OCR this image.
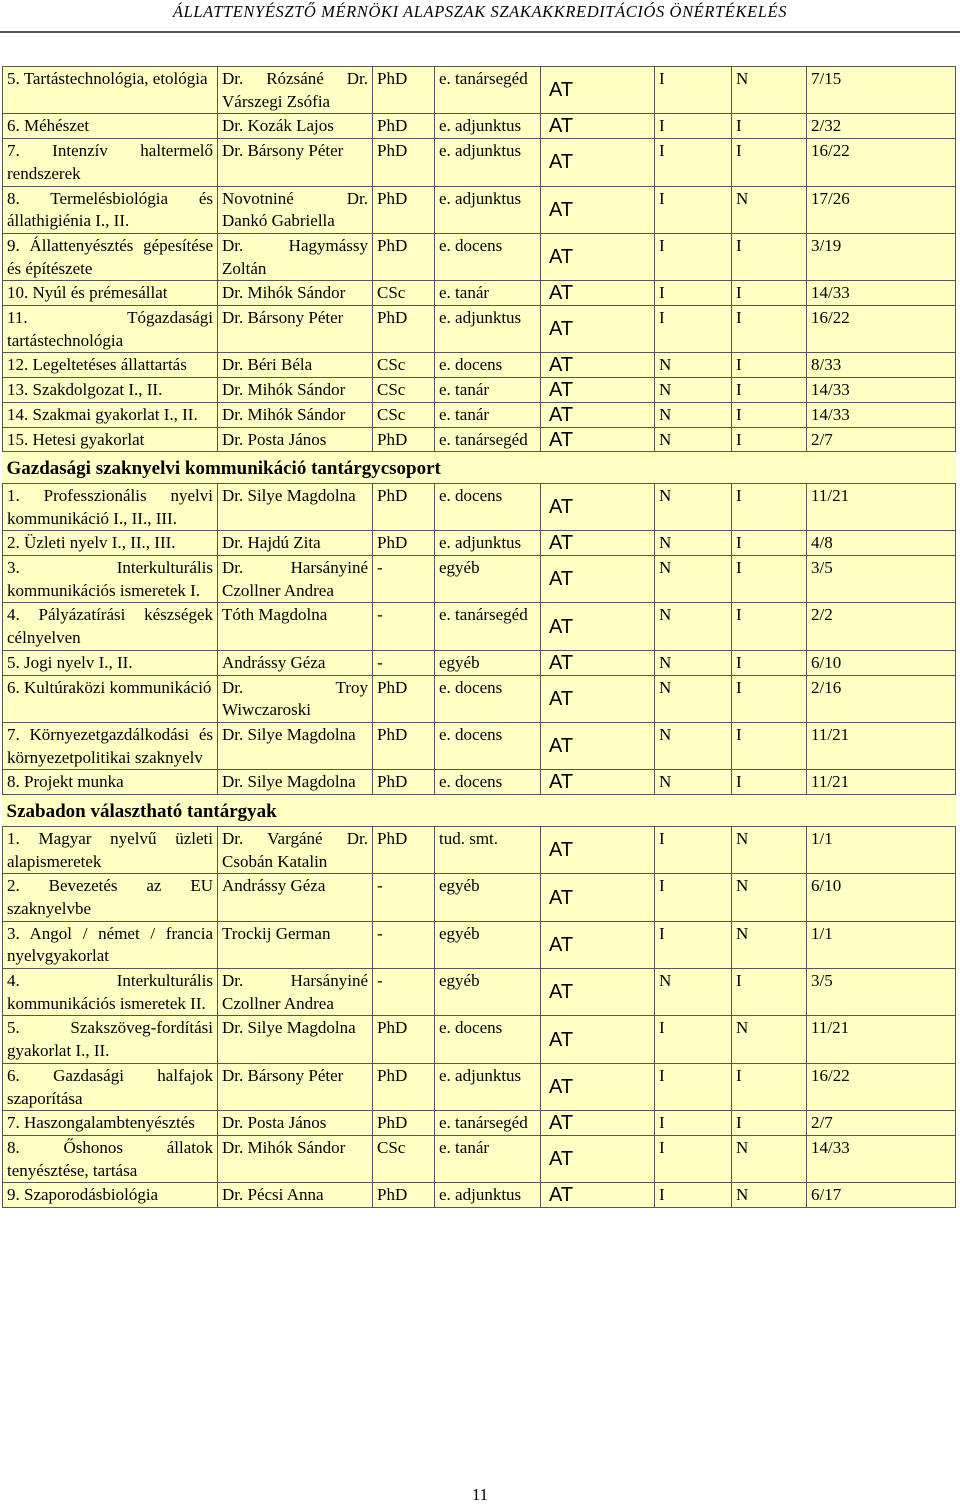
ÁLLATTENYÉSZTŐ MÉRNÖKI ALAPSZAK SZAKAKKREDITÁCIÓS ÖNÉRTÉKELÉS
5. Tartástechnológia, etológia	Dr. Rózsáné Dr. Várszegi Zsófia	PhD	e. tanársegéd	AT	I	N	7/15
6. Méhészet	Dr. Kozák Lajos	PhD	e. adjunktus	AT	I	I	2/32
7. Intenzív haltermelő rendszerek	Dr. Bársony Péter	PhD	e. adjunktus	AT	I	I	16/22
8. Termelésbiológia és állathigiénia I., II.	Novotniné Dr. Dankó Gabriella	PhD	e. adjunktus	AT	I	N	17/26
9. Állattenyésztés gépesítése és építészete	Dr. Hagymássy Zoltán	PhD	e. docens	AT	I	I	3/19
10. Nyúl és prémesállat	Dr. Mihók Sándor	CSc	e. tanár	AT	I	I	14/33
11. Tógazdasági tartástechnológia	Dr. Bársony Péter	PhD	e. adjunktus	AT	I	I	16/22
12. Legeltetéses állattartás	Dr. Béri Béla	CSc	e. docens	AT	N	I	8/33
13. Szakdolgozat I., II.	Dr. Mihók Sándor	CSc	e. tanár	AT	N	I	14/33
14. Szakmai gyakorlat I., II.	Dr. Mihók Sándor	CSc	e. tanár	AT	N	I	14/33
15. Hetesi gyakorlat	Dr. Posta János	PhD	e. tanársegéd	AT	N	I	2/7
Gazdasági szaknyelvi kommunikáció tantárgycsoport							
1. Professzionális nyelvi kommunikáció I., II., III.	Dr. Silye Magdolna	PhD	e. docens	AT	N	I	11/21
2. Üzleti nyelv I., II., III.	Dr. Hajdú Zita	PhD	e. adjunktus	AT	N	I	4/8
3. Interkulturális kommunikációs ismeretek I.	Dr. Harsányiné Czollner Andrea	-	egyéb	AT	N	I	3/5
4. Pályázatírási készségek célnyelven	Tóth Magdolna	-	e. tanársegéd	AT	N	I	2/2
5. Jogi nyelv I., II.	Andrássy Géza	-	egyéb	AT	N	I	6/10
6. Kultúraközi kommunikáció	Dr. Troy Wiwczaroski	PhD	e. docens	AT	N	I	2/16
7. Környezetgazdálkodási és környezetpolitikai szaknyelv	Dr. Silye Magdolna	PhD	e. docens	AT	N	I	11/21
8. Projekt munka	Dr. Silye Magdolna	PhD	e. docens	AT	N	I	11/21
Szabadon választható tantárgyak							
1. Magyar nyelvű üzleti alapismeretek	Dr. Vargáné Dr. Csobán Katalin	PhD	tud. smt.	AT	I	N	1/1
2. Bevezetés az EU szaknyelvbe	Andrássy Géza	-	egyéb	AT	I	N	6/10
3. Angol / német / francia nyelvgyakorlat	Trockij German	-	egyéb	AT	I	N	1/1
4. Interkulturális kommunikációs ismeretek II.	Dr. Harsányiné Czollner Andrea	-	egyéb	AT	N	I	3/5
5. Szakszöveg-fordítási gyakorlat I., II.	Dr. Silye Magdolna	PhD	e. docens	AT	I	N	11/21
6. Gazdasági halfajok szaporítása	Dr. Bársony Péter	PhD	e. adjunktus	AT	I	I	16/22
7. Haszongalambtenyésztés	Dr. Posta János	PhD	e. tanársegéd	AT	I	I	2/7
8. Őshonos állatok tenyésztése, tartása	Dr. Mihók Sándor	CSc	e. tanár	AT	I	N	14/33
9. Szaporodásbiológia	Dr. Pécsi Anna	PhD	e. adjunktus	AT	I	N	6/17
11
